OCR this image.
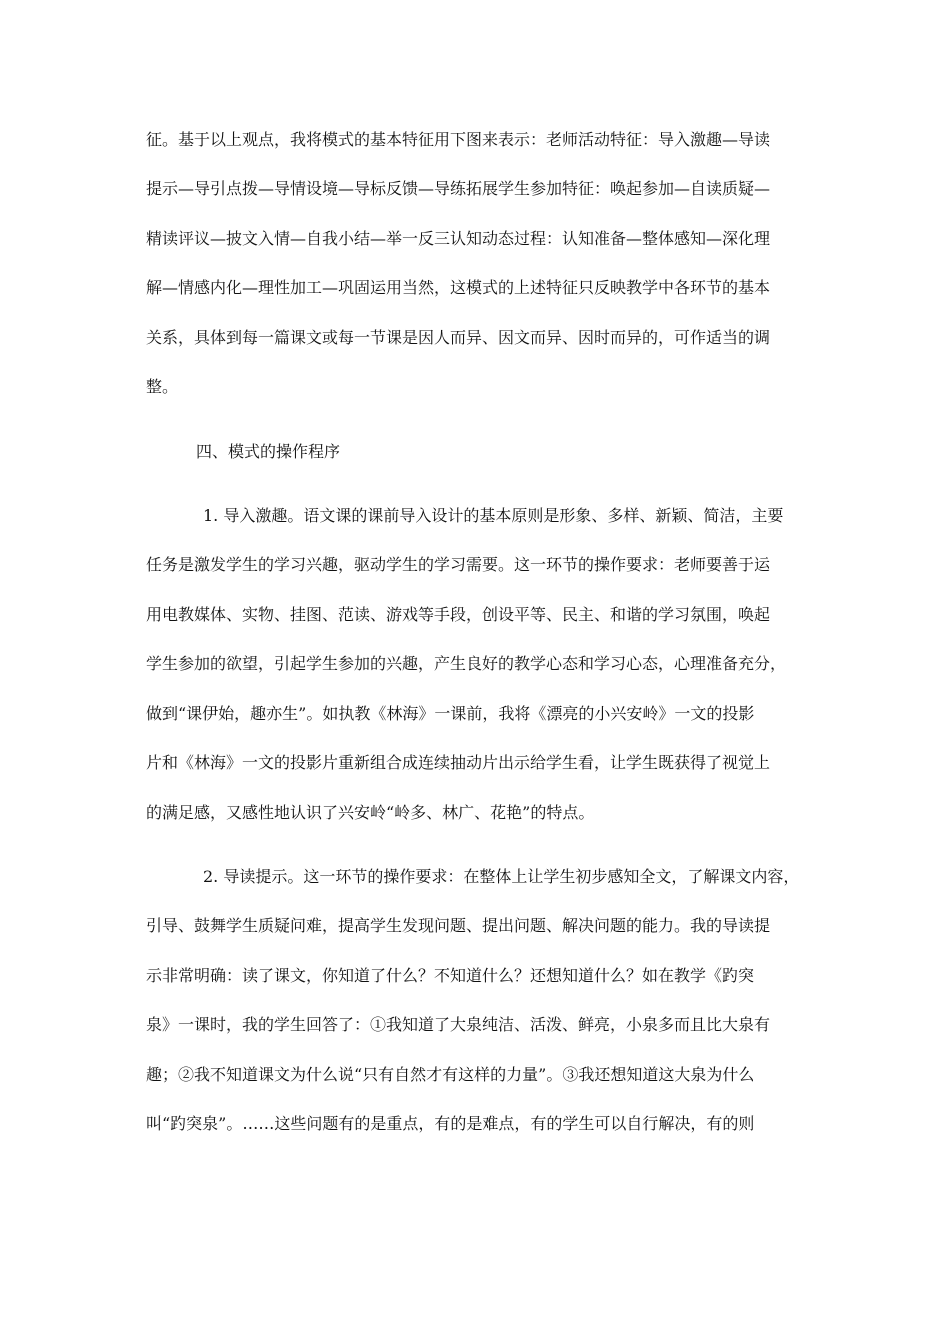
征。基于以上观点，我将模式的基本特征用下图来表示：老师活动特征：导入激趣—导读
提示—导引点拨—导情设境—导标反馈—导练拓展学生参加特征：唤起参加—自读质疑—
精读评议—披文入情—自我小结—举一反三认知动态过程：认知准备—整体感知—深化理
解—情感内化—理性加工—巩固运用当然，这模式的上述特征只反映教学中各环节的基本
关系，具体到每一篇课文或每一节课是因人而异、因文而异、因时而异的，可作适当的调
整。
四、模式的操作程序
1. 导入激趣。语文课的课前导入设计的基本原则是形象、多样、新颖、简洁，主要
任务是激发学生的学习兴趣，驱动学生的学习需要。这一环节的操作要求：老师要善于运
用电教媒体、实物、挂图、范读、游戏等手段，创设平等、民主、和谐的学习氛围，唤起
学生参加的欲望，引起学生参加的兴趣，产生良好的教学心态和学习心态，心理准备充分，
做到“课伊始，趣亦生”。如执教《林海》一课前，我将《漂亮的小兴安岭》一文的投影
片和《林海》一文的投影片重新组合成连续抽动片出示给学生看，让学生既获得了视觉上
的满足感，又感性地认识了兴安岭“岭多、林广、花艳”的特点。
2. 导读提示。这一环节的操作要求：在整体上让学生初步感知全文，了解课文内容，
引导、鼓舞学生质疑问难，提高学生发现问题、提出问题、解决问题的能力。我的导读提
示非常明确：读了课文，你知道了什么？不知道什么？还想知道什么？如在教学《趵突
泉》一课时，我的学生回答了：①我知道了大泉纯洁、活泼、鲜亮，小泉多而且比大泉有
趣；②我不知道课文为什么说“只有自然才有这样的力量”。③我还想知道这大泉为什么
叫“趵突泉”。……这些问题有的是重点，有的是难点，有的学生可以自行解决，有的则
